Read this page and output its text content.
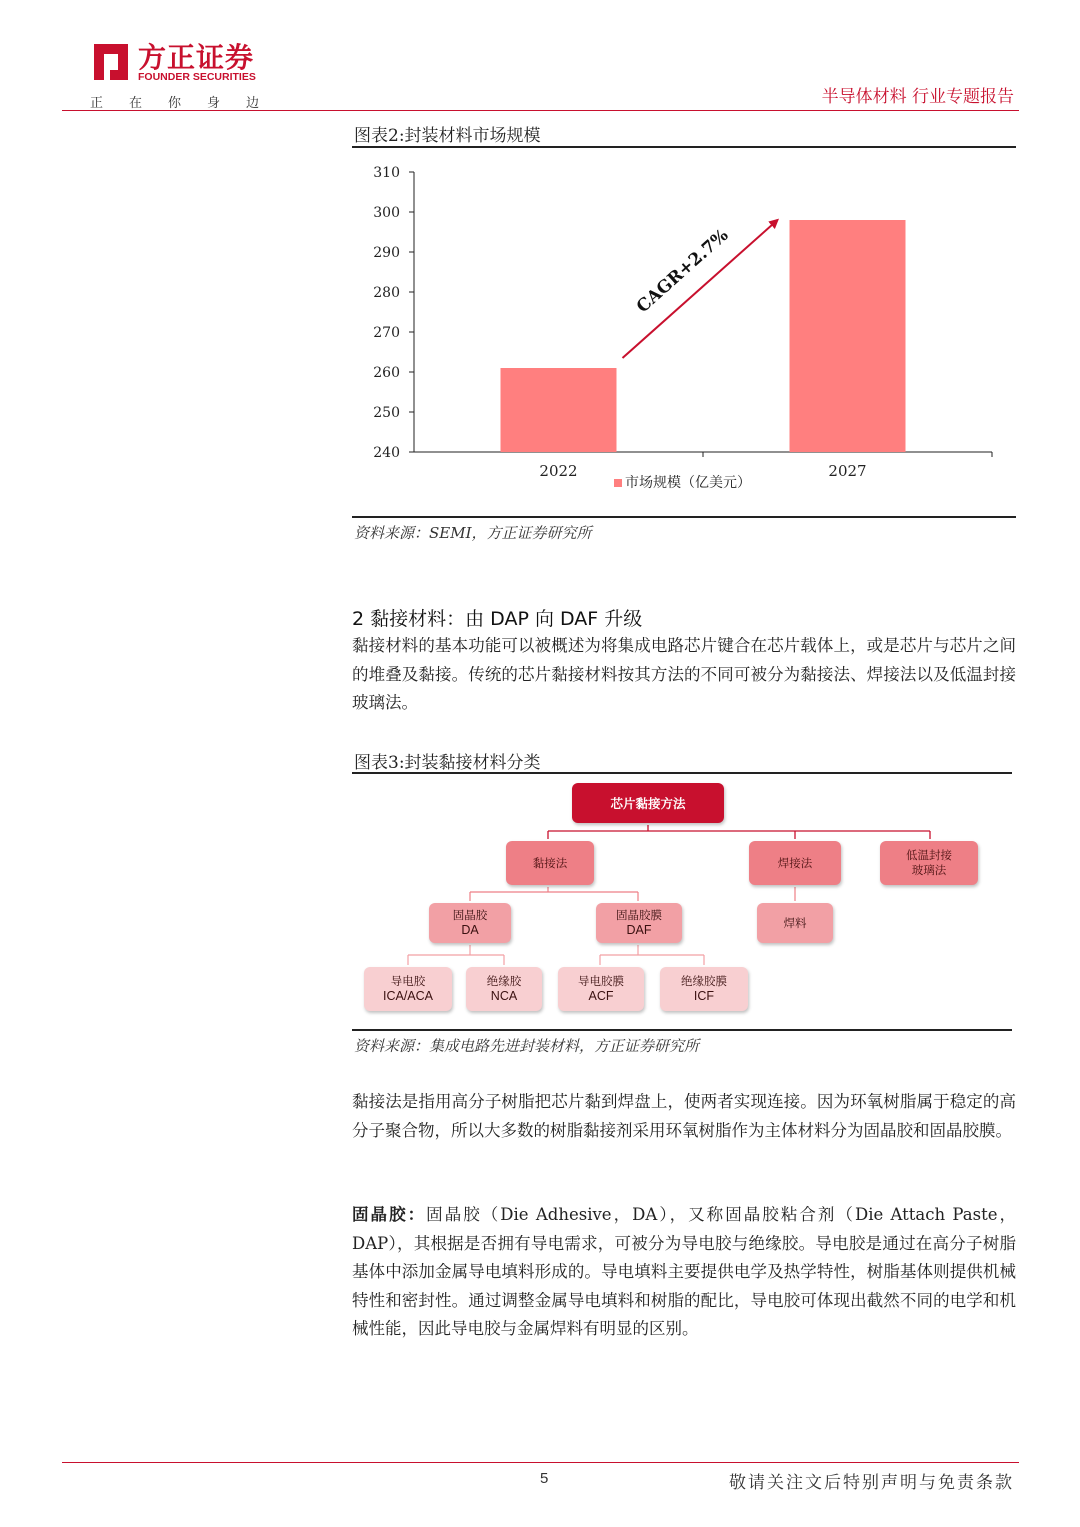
方正证券
FOUNDER SECURITIES
正在你身边	半导体材料 行业专题报告
图表2:封装材料市场规模
240
250
260
270
280
290
300
310
2022	2027
市场规模（亿美元）
CAGR+2.7%
资料来源：SEMI，方正证券研究所
2 黏接材料：由 DAP 向 DAF 升级
黏接材料的基本功能可以被概述为将集成电路芯片键合在芯片载体上，或是芯片与芯片之间的堆叠及黏接。传统的芯片黏接材料按其方法的不同可被分为黏接法、焊接法以及低温封接玻璃法。
图表3:封装黏接材料分类
芯片黏接方法
黏接法	焊接法
低温封接
玻璃法
固晶胶
DA
固晶胶膜
DAF
焊料
导电胶
ICA/ACA
绝缘胶
NCA
导电胶膜
ACF
绝缘胶膜
ICF
资料来源：集成电路先进封装材料，方正证券研究所
黏接法是指用高分子树脂把芯片黏到焊盘上，使两者实现连接。因为环氧树脂属于稳定的高分子聚合物，所以大多数的树脂黏接剂采用环氧树脂作为主体材料分为固晶胶和固晶胶膜。
固晶胶：固晶胶（Die Adhesive，DA），又称固晶胶粘合剂（Die Attach Paste，DAP），其根据是否拥有导电需求，可被分为导电胶与绝缘胶。导电胶是通过在高分子树脂基体中添加金属导电填料形成的。导电填料主要提供电学及热学特性，树脂基体则提供机械特性和密封性。通过调整金属导电填料和树脂的配比，导电胶可体现出截然不同的电学和机械性能，因此导电胶与金属焊料有明显的区别。
5	敬请关注文后特别声明与免责条款
